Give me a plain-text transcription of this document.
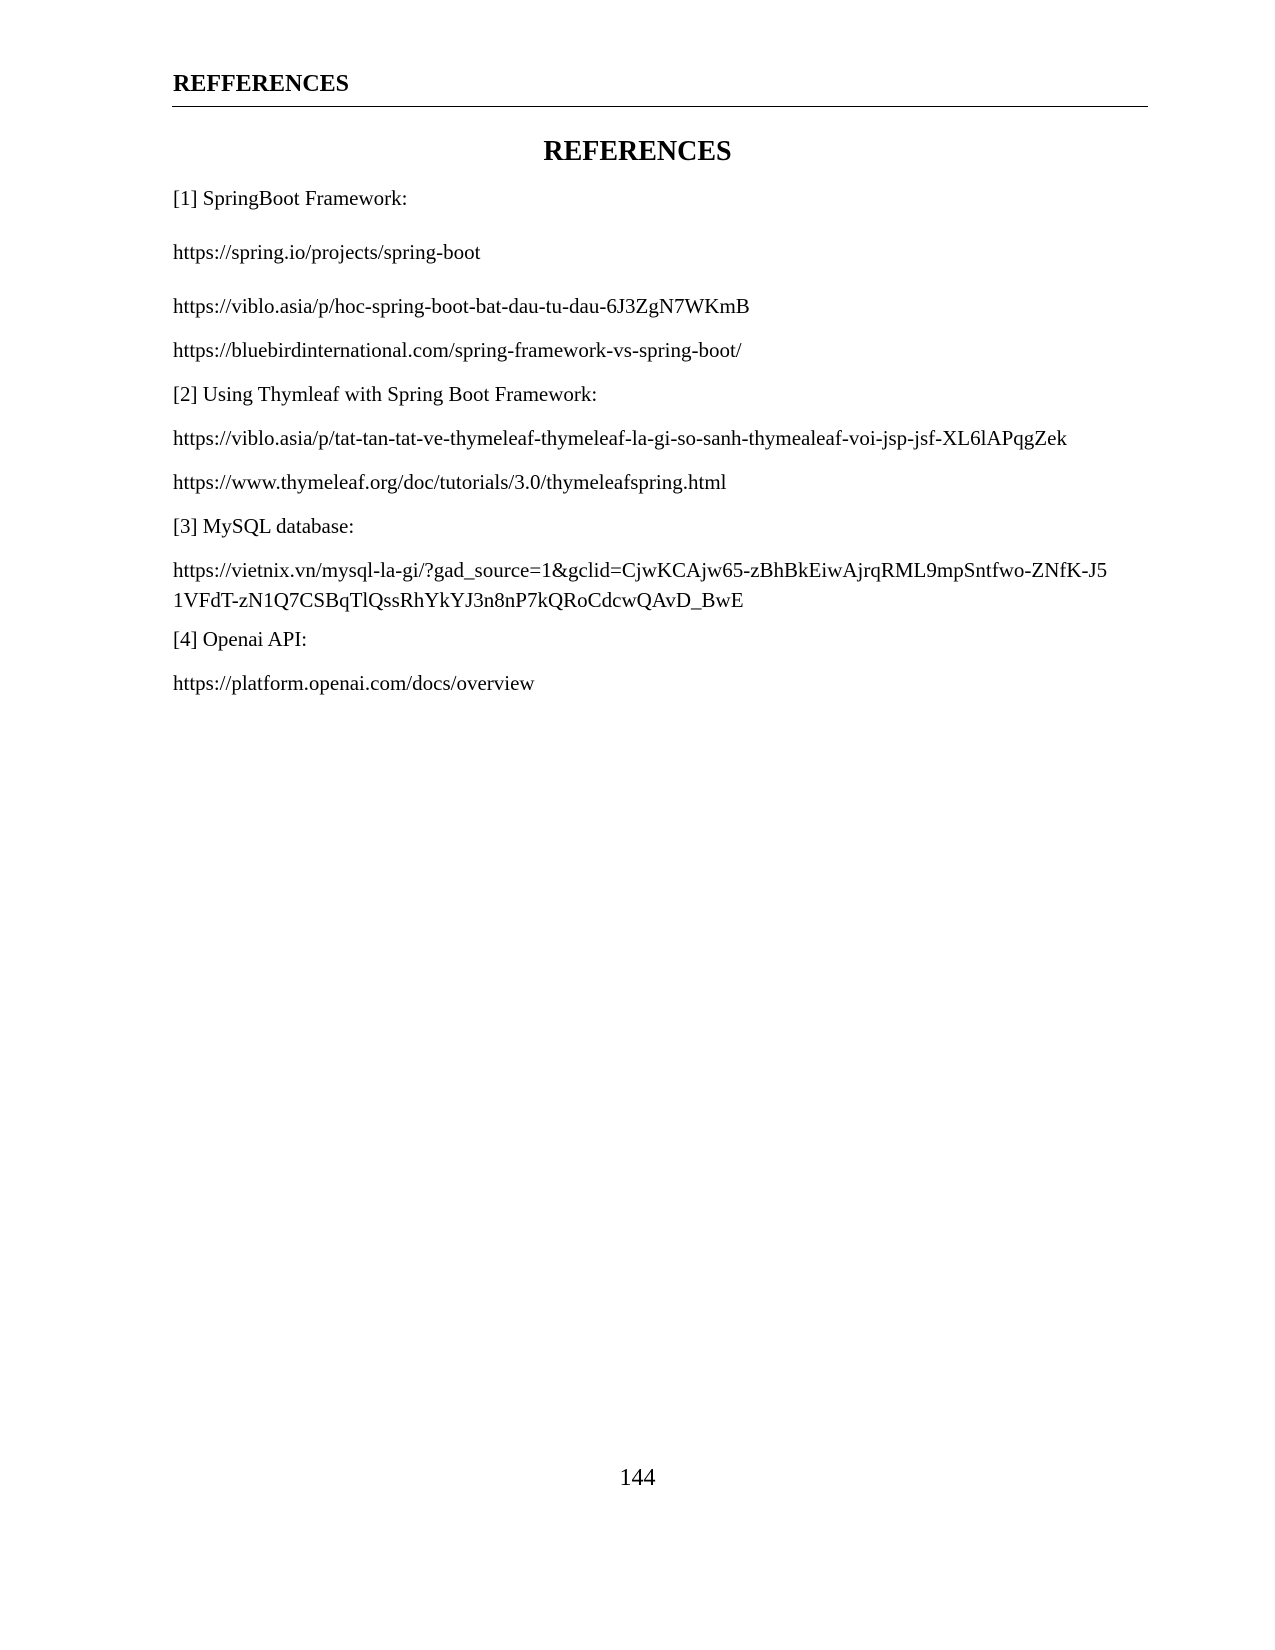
REFFERENCES
REFERENCES
[1] SpringBoot Framework:
https://spring.io/projects/spring-boot
https://viblo.asia/p/hoc-spring-boot-bat-dau-tu-dau-6J3ZgN7WKmB
https://bluebirdinternational.com/spring-framework-vs-spring-boot/
[2] Using Thymleaf with Spring Boot Framework:
https://viblo.asia/p/tat-tan-tat-ve-thymeleaf-thymeleaf-la-gi-so-sanh-thymealeaf-voi-jsp-jsf-XL6lAPqgZek
https://www.thymeleaf.org/doc/tutorials/3.0/thymeleafspring.html
[3] MySQL database:
https://vietnix.vn/mysql-la-gi/?gad_source=1&gclid=CjwKCAjw65-zBhBkEiwAjrqRML9mpSntfwo-ZNfK-J51VFdT-zN1Q7CSBqTlQssRhYkYJ3n8nP7kQRoCdcwQAvD_BwE
[4] Openai API:
https://platform.openai.com/docs/overview
144
